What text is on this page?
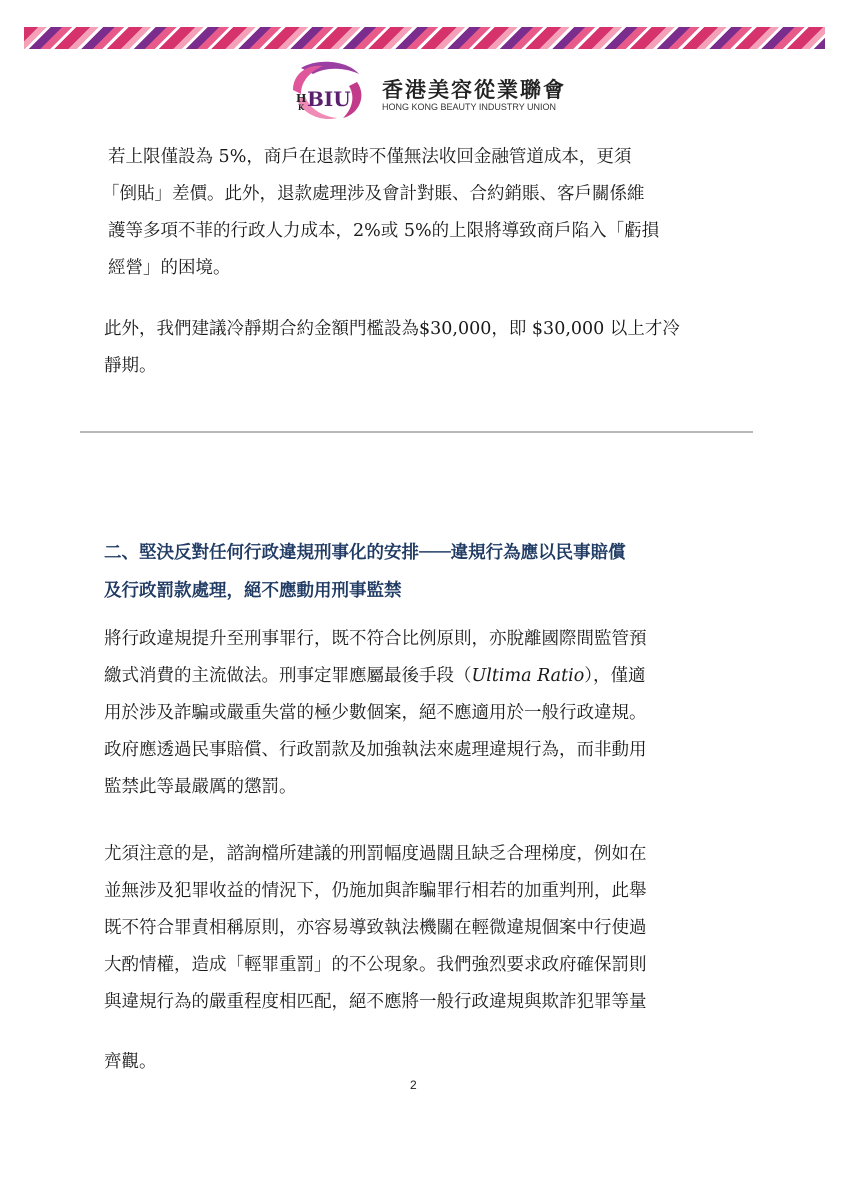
H
K BIU 香港美容從業聯會
HONG KONG BEAUTY INDUSTRY UNION

若上限僅設為 5%，商戶在退款時不僅無法收回金融管道成本，更須
「倒貼」差價。此外，退款處理涉及會計對賬、合約銷賬、客戶關係維
護等多項不菲的行政人力成本，2%或 5%的上限將導致商戶陷入「虧損
經營」的困境。

此外，我們建議冷靜期合約金額門檻設為$30,000，即 $30,000 以上才冷
靜期。

二、堅決反對任何行政違規刑事化的安排───違規行為應以民事賠償
及行政罰款處理，絕不應動用刑事監禁

將行政違規提升至刑事罪行，既不符合比例原則，亦脫離國際間監管預
繳式消費的主流做法。刑事定罪應屬最後手段（Ultima Ratio），僅適
用於涉及詐騙或嚴重失當的極少數個案，絕不應適用於一般行政違規。
政府應透過民事賠償、行政罰款及加強執法來處理違規行為，而非動用
監禁此等最嚴厲的懲罰。

尤須注意的是，諮詢檔所建議的刑罰幅度過闊且缺乏合理梯度，例如在
並無涉及犯罪收益的情況下，仍施加與詐騙罪行相若的加重判刑，此舉
既不符合罪責相稱原則，亦容易導致執法機關在輕微違規個案中行使過
大酌情權，造成「輕罪重罰」的不公現象。我們強烈要求政府確保罰則
與違規行為的嚴重程度相匹配，絕不應將一般行政違規與欺詐犯罪等量

齊觀。

2
